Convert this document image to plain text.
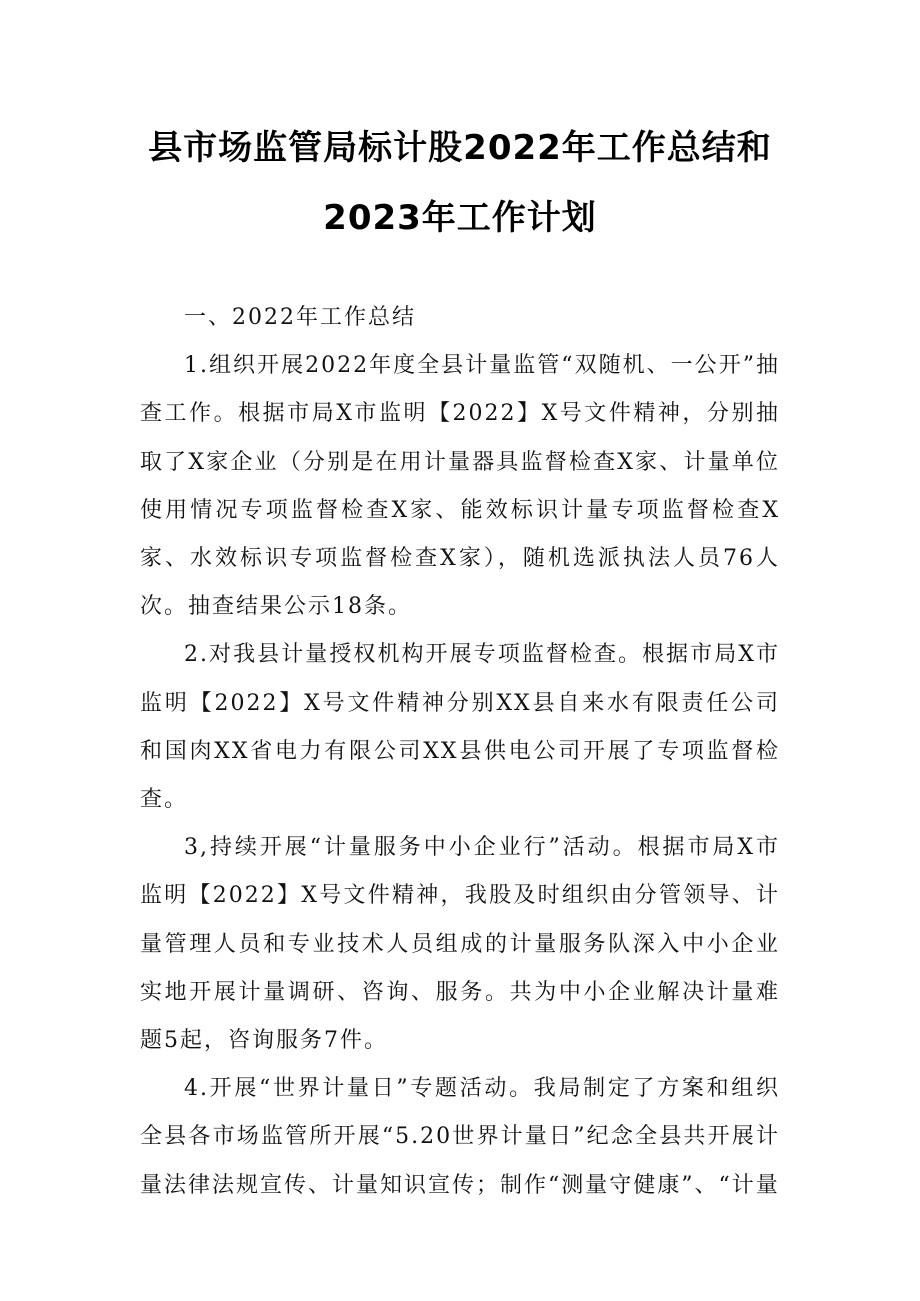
县市场监管局标计股2022年工作总结和
2023年工作计划

一、2022年工作总结

1.组织开展2022年度全县计量监管“双随机、一公开”抽查工作。根据市局X市监明【2022】X号文件精神，分别抽取了X家企业（分别是在用计量器具监督检查X家、计量单位使用情况专项监督检查X家、能效标识计量专项监督检查X家、水效标识专项监督检查X家），随机选派执法人员76人次。抽查结果公示18条。

2.对我县计量授权机构开展专项监督检查。根据市局X市监明【2022】X号文件精神分别XX县自来水有限责任公司和国肉XX省电力有限公司XX县供电公司开展了专项监督检查。

3,持续开展“计量服务中小企业行”活动。根据市局X市监明【2022】X号文件精神，我股及时组织由分管领导、计量管理人员和专业技术人员组成的计量服务队深入中小企业实地开展计量调研、咨询、服务。共为中小企业解决计量难题5起，咨询服务7件。

4.开展“世界计量日”专题活动。我局制定了方案和组织全县各市场监管所开展“5.20世界计量日”纪念全县共开展计量法律法规宣传、计量知识宣传；制作“测量守健康”、“计量
